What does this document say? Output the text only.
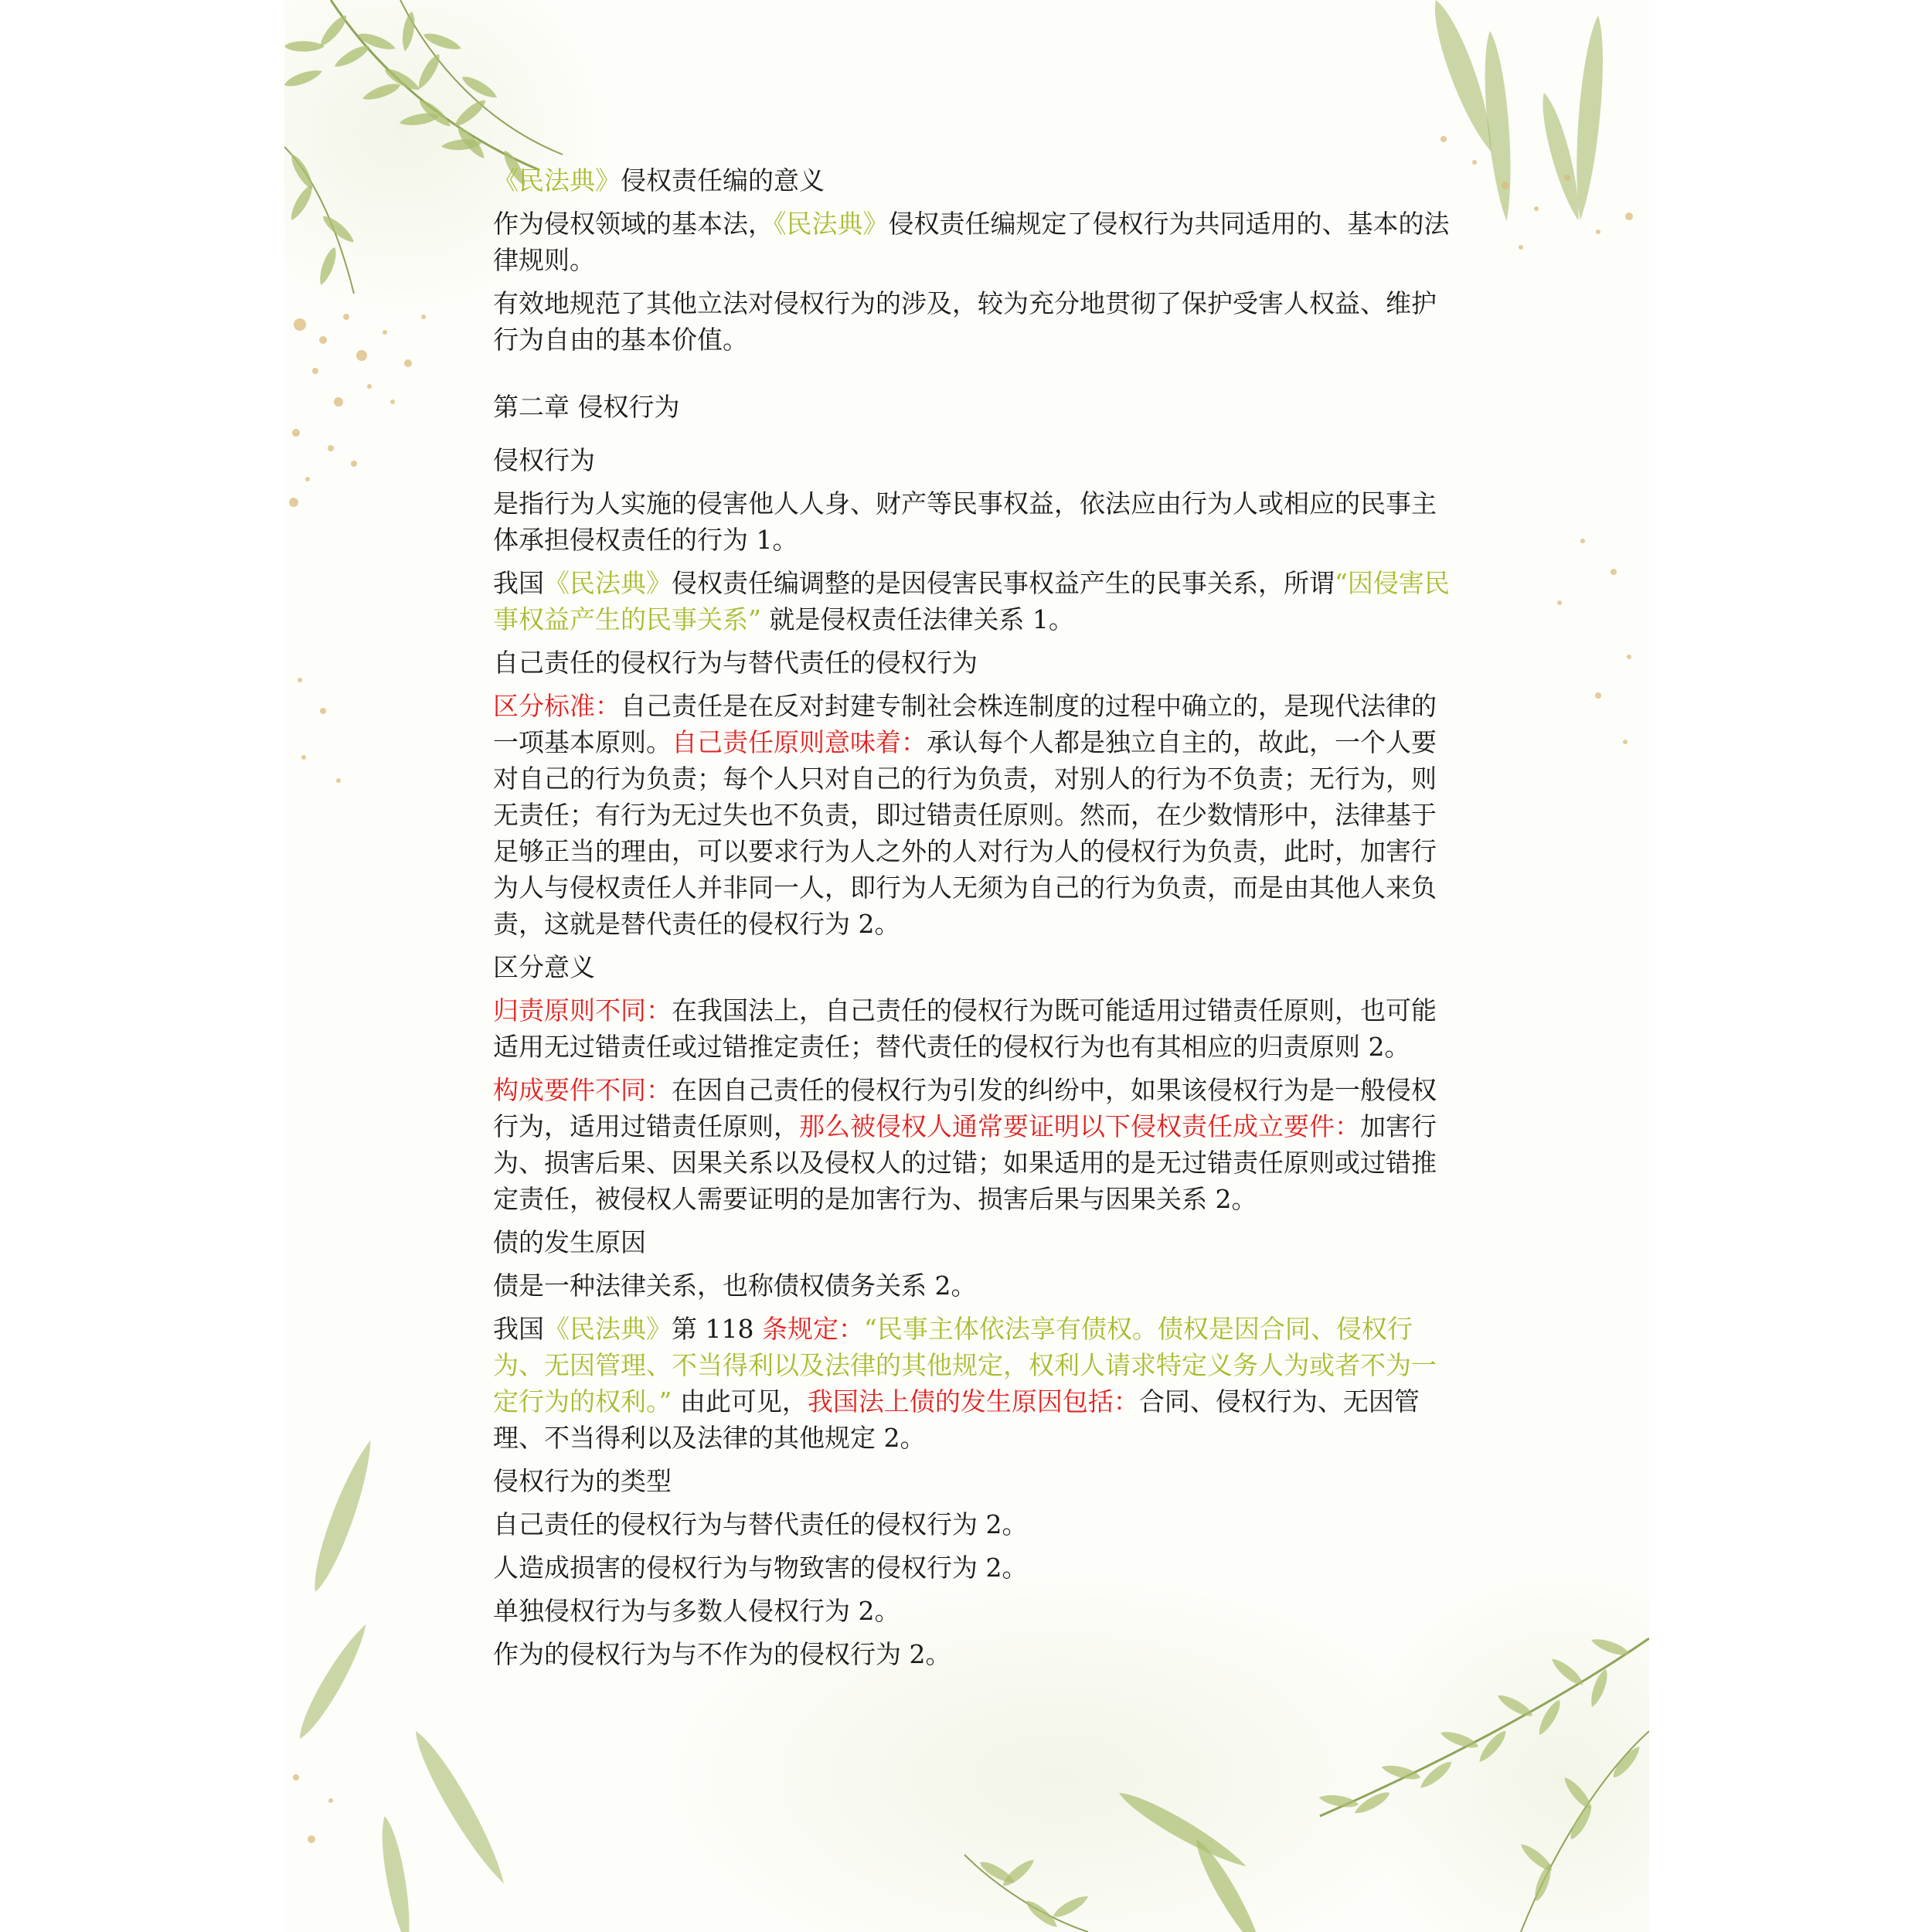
《民法典》侵权责任编的意义

作为侵权领域的基本法，《民法典》侵权责任编规定了侵权行为共同适用的、基本的法律规则。

有效地规范了其他立法对侵权行为的涉及，较为充分地贯彻了保护受害人权益、维护行为自由的基本价值。

第二章 侵权行为

侵权行为

是指行为人实施的侵害他人人身、财产等民事权益，依法应由行为人或相应的民事主体承担侵权责任的行为 1。

我国《民法典》侵权责任编调整的是因侵害民事权益产生的民事关系，所谓“因侵害民事权益产生的民事关系” 就是侵权责任法律关系 1。

自己责任的侵权行为与替代责任的侵权行为

区分标准：自己责任是在反对封建专制社会株连制度的过程中确立的，是现代法律的一项基本原则。自己责任原则意味着：承认每个人都是独立自主的，故此，一个人要对自己的行为负责；每个人只对自己的行为负责，对别人的行为不负责；无行为，则无责任；有行为无过失也不负责，即过错责任原则。然而，在少数情形中，法律基于足够正当的理由，可以要求行为人之外的人对行为人的侵权行为负责，此时，加害行为人与侵权责任人并非同一人，即行为人无须为自己的行为负责，而是由其他人来负责，这就是替代责任的侵权行为 2。

区分意义

归责原则不同：在我国法上，自己责任的侵权行为既可能适用过错责任原则，也可能适用无过错责任或过错推定责任；替代责任的侵权行为也有其相应的归责原则 2。

构成要件不同：在因自己责任的侵权行为引发的纠纷中，如果该侵权行为是一般侵权行为，适用过错责任原则，那么被侵权人通常要证明以下侵权责任成立要件：加害行为、损害后果、因果关系以及侵权人的过错；如果适用的是无过错责任原则或过错推定责任，被侵权人需要证明的是加害行为、损害后果与因果关系 2。

债的发生原因

债是一种法律关系，也称债权债务关系 2。

我国《民法典》第 118 条规定：“民事主体依法享有债权。债权是因合同、侵权行为、无因管理、不当得利以及法律的其他规定，权利人请求特定义务人为或者不为一定行为的权利。” 由此可见，我国法上债的发生原因包括：合同、侵权行为、无因管理、不当得利以及法律的其他规定 2。

侵权行为的类型

自己责任的侵权行为与替代责任的侵权行为 2。

人造成损害的侵权行为与物致害的侵权行为 2。

单独侵权行为与多数人侵权行为 2。

作为的侵权行为与不作为的侵权行为 2。
